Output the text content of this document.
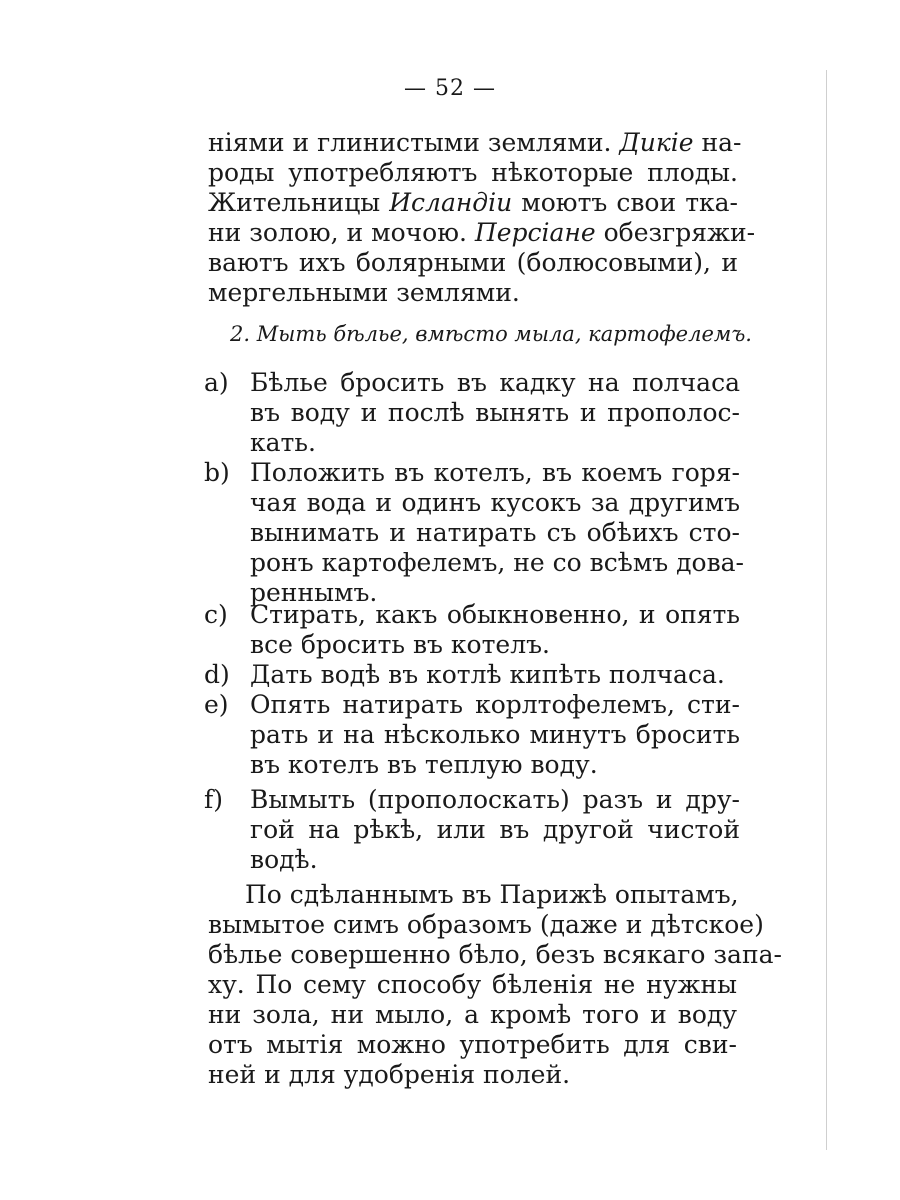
— 52 —
ніями и глинистыми землями. Дикіе на-
роды употребляютъ нѣкоторые плоды.
Жительницы Исландіи моютъ свои тка-
ни золою, и мочою. Персіане обезгряжи-
ваютъ ихъ болярными (болюсовыми), и
мергельными землями.
2. Мыть бѣлье, вмѣсто мыла, картофелемъ.
a) Бѣлье бросить въ кадку на полчаса
въ воду и послѣ вынять и прополос-
кать.
b) Положить въ котелъ, въ коемъ горя-
чая вода и одинъ кусокъ за другимъ
вынимать и натирать съ обѣихъ сто-
ронъ картофелемъ, не со всѣмъ дова-
реннымъ.
c) Стирать, какъ обыкновенно, и опять
все бросить въ котелъ.
d) Дать водѣ въ котлѣ кипѣть полчаса.
e) Опять натирать корлтофелемъ, сти-
рать и на нѣсколько минутъ бросить
въ котелъ въ теплую воду.
f) Вымыть (прополоскать) разъ и дру-
гой на рѣкѣ, или въ другой чистой
водѣ.
По сдѣланнымъ въ Парижѣ опытамъ,
вымытое симъ образомъ (даже и дѣтское)
бѣлье совершенно бѣло, безъ всякаго запа-
ху. По сему способу бѣленія не нужны
ни зола, ни мыло, а кромѣ того и воду
отъ мытія можно употребить для сви-
ней и для удобренія полей.
